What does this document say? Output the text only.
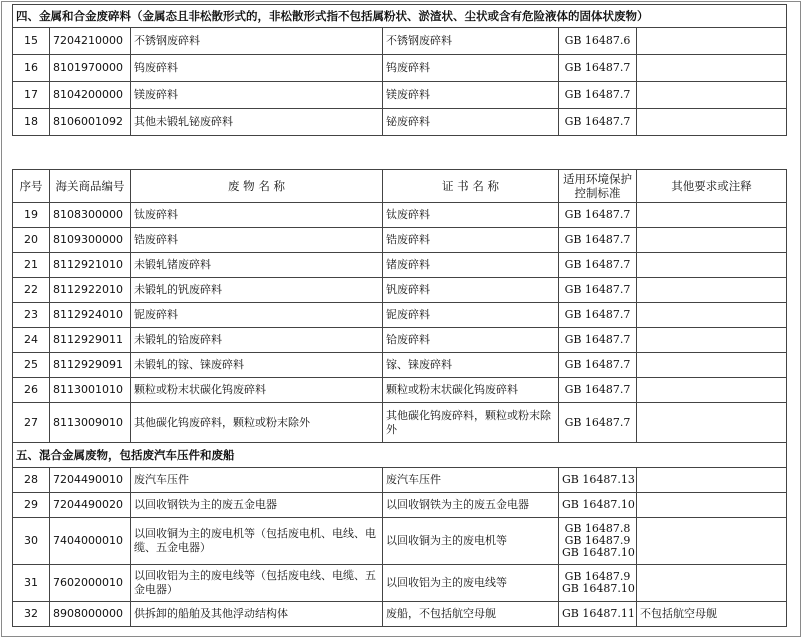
四、金属和合金废碎料（金属态且非松散形式的，非松散形式指不包括属粉状、淤渣状、尘状或含有危险液体的固体状废物）					
15	7204210000	不锈钢废碎料	不锈钢废碎料	GB 16487.6	

16	8101970000	钨废碎料	钨废碎料	GB 16487.7	

17	8104200000	镁废碎料	镁废碎料	GB 16487.7	

18	8106001092	其他未锻轧铋废碎料	铋废碎料	GB 16487.7	

序号	海关商品编号	废 物 名 称	证 书 名 称	适用环境保护控制标准	其他要求或注释
19	8108300000	钛废碎料	钛废碎料	GB 16487.7	

20	8109300000	锆废碎料	锆废碎料	GB 16487.7	

21	8112921010	未锻轧锗废碎料	锗废碎料	GB 16487.7	

22	8112922010	未锻轧的钒废碎料	钒废碎料	GB 16487.7	

23	8112924010	铌废碎料	铌废碎料	GB 16487.7	

24	8112929011	未锻轧的铪废碎料	铪废碎料	GB 16487.7	

25	8112929091	未锻轧的镓、铼废碎料	镓、铼废碎料	GB 16487.7	

26	8113001010	颗粒或粉末状碳化钨废碎料	颗粒或粉末状碳化钨废碎料	GB 16487.7	

27	8113009010	其他碳化钨废碎料，颗粒或粉末除外	其他碳化钨废碎料，颗粒或粉末除外	GB 16487.7	

五、混合金属废物，包括废汽车压件和废船					
28	7204490010	废汽车压件	废汽车压件	GB 16487.13	

29	7204490020	以回收钢铁为主的废五金电器	以回收钢铁为主的废五金电器	GB 16487.10	

30	7404000010	以回收铜为主的废电机等（包括废电机、电线、电缆、五金电器）	以回收铜为主的废电机等	GB 16487.8
GB 16487.9
GB 16487.10	

31	7602000010	以回收铝为主的废电线等（包括废电线、电缆、五金电器）	以回收铝为主的废电线等	GB 16487.9
GB 16487.10	

32	8908000000	供拆卸的船舶及其他浮动结构体	废船，不包括航空母舰	GB 16487.11	不包括航空母舰
